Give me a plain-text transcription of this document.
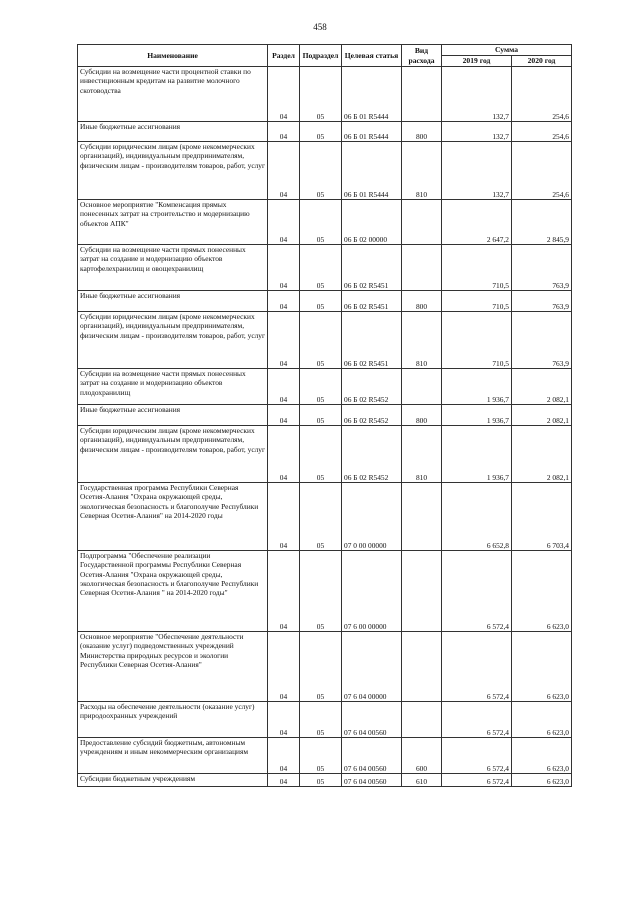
458
Наименование	Раздел	Подраздел	Целевая статья	Вид расхода	Сумма	
					2019 год	2020 год
Субсидии на возмещение части процентной ставки по инвестиционным кредитам на развитие молочного скотоводства	04	05	06 Б 01 R5444		132,7	254,6
Иные бюджетные ассигнования	04	05	06 Б 01 R5444	800	132,7	254,6
Субсидии юридическим лицам (кроме некоммерческих организаций), индивидуальным предпринимателям, физическим лицам - производителям товаров, работ, услуг	04	05	06 Б 01 R5444	810	132,7	254,6
Основное мероприятие "Компенсация прямых понесенных затрат на строительство и модернизацию объектов АПК"	04	05	06 Б 02 00000		2 647,2	2 845,9
Субсидии на возмещение части прямых понесенных затрат на создание и модернизацию объектов картофелехранилищ и овощехранилищ	04	05	06 Б 02 R5451		710,5	763,9
Иные бюджетные ассигнования	04	05	06 Б 02 R5451	800	710,5	763,9
Субсидии юридическим лицам (кроме некоммерческих организаций), индивидуальным предпринимателям, физическим лицам - производителям товаров, работ, услуг	04	05	06 Б 02 R5451	810	710,5	763,9
Субсидии на возмещение части прямых понесенных затрат на создание и модернизацию объектов плодохранилищ	04	05	06 Б 02 R5452		1 936,7	2 082,1
Иные бюджетные ассигнования	04	05	06 Б 02 R5452	800	1 936,7	2 082,1
Субсидии юридическим лицам (кроме некоммерческих организаций), индивидуальным предпринимателям, физическим лицам - производителям товаров, работ, услуг	04	05	06 Б 02 R5452	810	1 936,7	2 082,1
Государственная программа Республики Северная Осетия-Алания "Охрана окружающей среды, экологическая безопасность и благополучие Республики Северная Осетия-Алания" на 2014-2020 годы	04	05	07 0 00 00000		6 652,8	6 703,4
Подпрограмма "Обеспечение реализации Государственной программы Республики Северная Осетия-Алания "Охрана окружающей среды, экологическая безопасность и благополучие Республики Северная Осетия-Алания " на 2014-2020 годы"	04	05	07 6 00 00000		6 572,4	6 623,0
Основное мероприятие "Обеспечение деятельности (оказание услуг) подведомственных учреждений Министерства природных ресурсов и экологии Республики Северная Осетия-Алания"	04	05	07 6 04 00000		6 572,4	6 623,0
Расходы на обеспечение деятельности (оказание услуг) природоохранных учреждений	04	05	07 6 04 00560		6 572,4	6 623,0
Предоставление субсидий бюджетным, автономным учреждениям и иным некоммерческим организациям	04	05	07 6 04 00560	600	6 572,4	6 623,0
Субсидии бюджетным учреждениям	04	05	07 6 04 00560	610	6 572,4	6 623,0
